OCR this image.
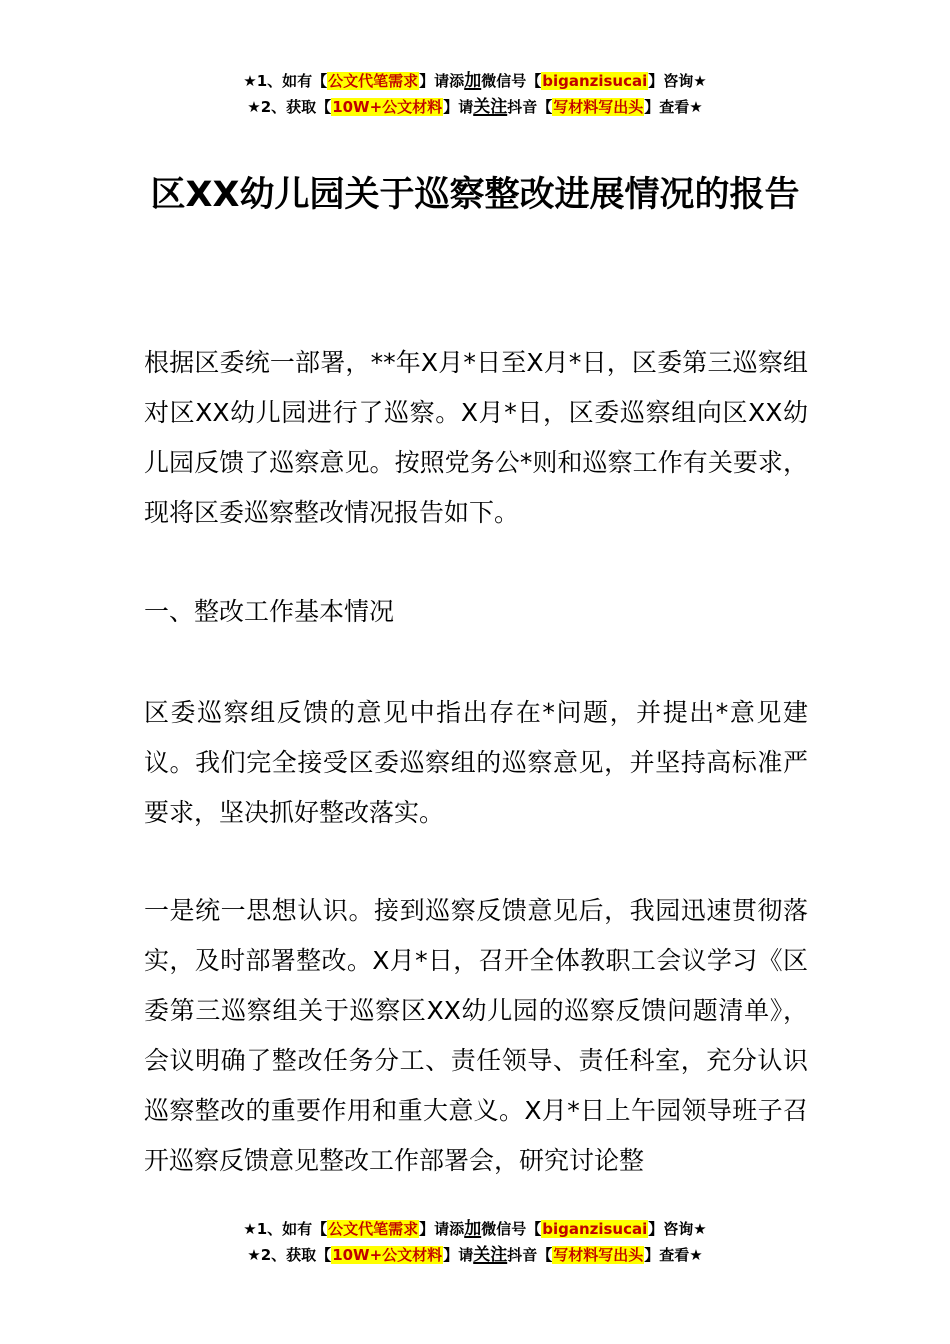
★1、如有【公文代笔需求】请添加微信号【biganzisucai】咨询★
★2、获取【10W+公文材料】请关注抖音【写材料写出头】查看★
区XX幼儿园关于巡察整改进展情况的报告

根据区委统一部署，**年X月*日至X月*日，区委第三巡察组对区XX幼儿园进行了巡察。X月*日，区委巡察组向区XX幼儿园反馈了巡察意见。按照党务公*则和巡察工作有关要求，现将区委巡察整改情况报告如下。

一、整改工作基本情况

区委巡察组反馈的意见中指出存在*问题，并提出*意见建议。我们完全接受区委巡察组的巡察意见，并坚持高标准严要求，坚决抓好整改落实。

一是统一思想认识。接到巡察反馈意见后，我园迅速贯彻落实，及时部署整改。X月*日，召开全体教职工会议学习《区委第三巡察组关于巡察区XX幼儿园的巡察反馈问题清单》，会议明确了整改任务分工、责任领导、责任科室，充分认识巡察整改的重要作用和重大意义。X月*日上午园领导班子召开巡察反馈意见整改工作部署会，研究讨论整

★1、如有【公文代笔需求】请添加微信号【biganzisucai】咨询★
★2、获取【10W+公文材料】请关注抖音【写材料写出头】查看★
